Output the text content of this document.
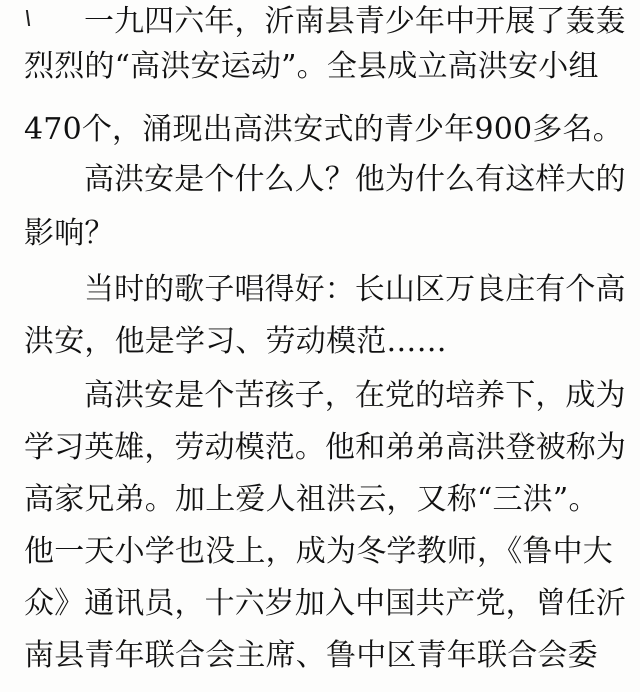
一九四六年，沂南县青少年中开展了轰轰
烈烈的“高洪安运动”。全县成立高洪安小组
470个，涌现出高洪安式的青少年900多名。
高洪安是个什么人？他为什么有这样大的
影响？
当时的歌子唱得好：长山区万良庄有个高
洪安，他是学习、劳动模范……
高洪安是个苦孩子，在党的培养下，成为
学习英雄，劳动模范。他和弟弟高洪登被称为
高家兄弟。加上爱人祖洪云，又称“三洪”。
他一天小学也没上，成为冬学教师，《鲁中大
众》通讯员，十六岁加入中国共产党，曾任沂
南县青年联合会主席、鲁中区青年联合会委
